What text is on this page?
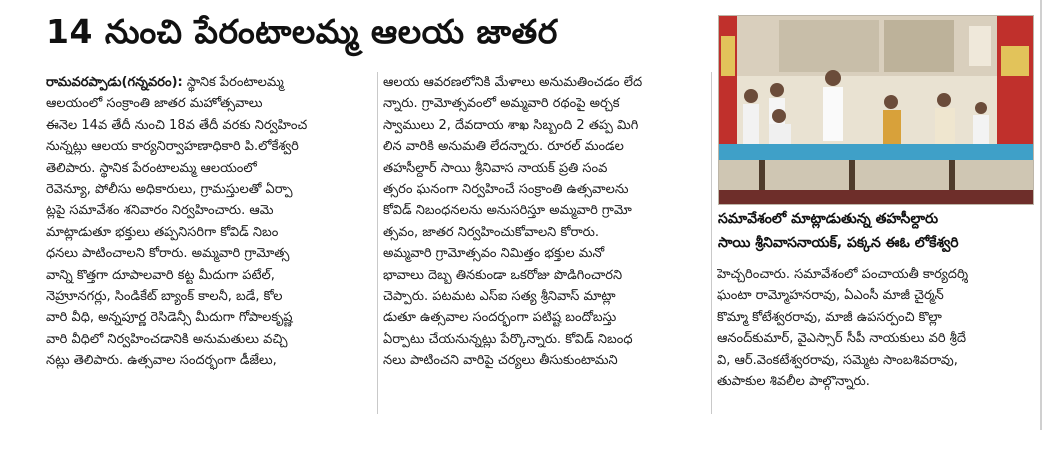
14 నుంచి పేరంటాలమ్మ ఆలయ జాతర
రామవరప్పాడు(గన్నవరం): స్థానిక పేరంటాలమ్మ
ఆలయంలో సంక్రాంతి జాతర మహోత్సవాలు
ఈనెల 14వ తేదీ నుంచి 18వ తేదీ వరకు నిర్వహించ
నున్నట్లు ఆలయ కార్యనిర్వాహణాధికారి పి.లోకేశ్వరి
తెలిపారు. స్థానిక పేరంటాలమ్మ ఆలయంలో
రెవెన్యూ, పోలీసు అధికారులు, గ్రామస్తులతో ఏర్పా
ట్లపై సమావేశం శనివారం నిర్వహించారు. ఆమె
మాట్లాడుతూ భక్తులు తప్పనిసరిగా కోవిడ్ నిబం
ధనలు పాటించాలని కోరారు. అమ్మవారి గ్రామోత్స
వాన్ని కొత్తగా దూపాలవారి కట్ట మీదుగా పటేల్,
నెహ్రూనగర్లు, సిండికేట్ బ్యాంక్ కాలనీ, బడే, కోల
వారి వీధి, అన్నపూర్ణ రెసిడెన్సీ మీదుగా గోపాలకృష్ణ
వారి వీధిలో నిర్వహించడానికి అనుమతులు వచ్చి
నట్లు తెలిపారు. ఉత్సవాల సందర్భంగా డీజేలు,
ఆలయ ఆవరణలోనికి మేళాలు అనుమతించడం లేద
న్నారు. గ్రామోత్సవంలో అమ్మవారి రథంపై అర్చక
స్వాములు 2, దేవదాయ శాఖ సిబ్బంది 2 తప్ప మిగి
లిన వారికి అనుమతి లేదన్నారు. రూరల్ మండల
తహసీల్దార్ సాయి శ్రీనివాస నాయక్ ప్రతి సంవ
త్సరం ఘనంగా నిర్వహించే సంక్రాంతి ఉత్సవాలను
కోవిడ్ నిబంధనలను అనుసరిస్తూ అమ్మవారి గ్రామో
త్సవం, జాతర నిర్వహించుకోవాలని కోరారు.
అమ్మవారి గ్రామోత్సవం నిమిత్తం భక్తుల మనో
భావాలు దెబ్బ తినకుండా ఒకరోజు పొడిగించారని
చెప్పారు. పటమట ఎస్ఐ సత్య శ్రీనివాస్ మాట్లా
డుతూ ఉత్సవాల సందర్భంగా పటిష్ట బందోబస్తు
ఏర్పాటు చేయనున్నట్లు పేర్కొన్నారు. కోవిడ్ నిబంధ
నలు పాటించని వారిపై చర్యలు తీసుకుంటామని
సమావేశంలో మాట్లాడుతున్న తహసీల్దారు
సాయి శ్రీనివాసనాయక్, పక్కన ఈఓ లోకేశ్వరి
హెచ్చరించారు. సమావేశంలో పంచాయతీ కార్యదర్శి
ఘంటా రామ్మోహనరావు, ఏఎంసీ మాజీ చైర్మన్
కొమ్మా కోటేశ్వరరావు, మాజీ ఉపసర్పంచి కొల్లా
ఆనంద్‌కుమార్, వైఎస్సార్ సీపీ నాయకులు వరి శ్రీదే
వి, ఆర్.వెంకటేశ్వరరావు, సమ్మెట సాంబశివరావు,
తుపాకుల శివలీల పాల్గొన్నారు.
